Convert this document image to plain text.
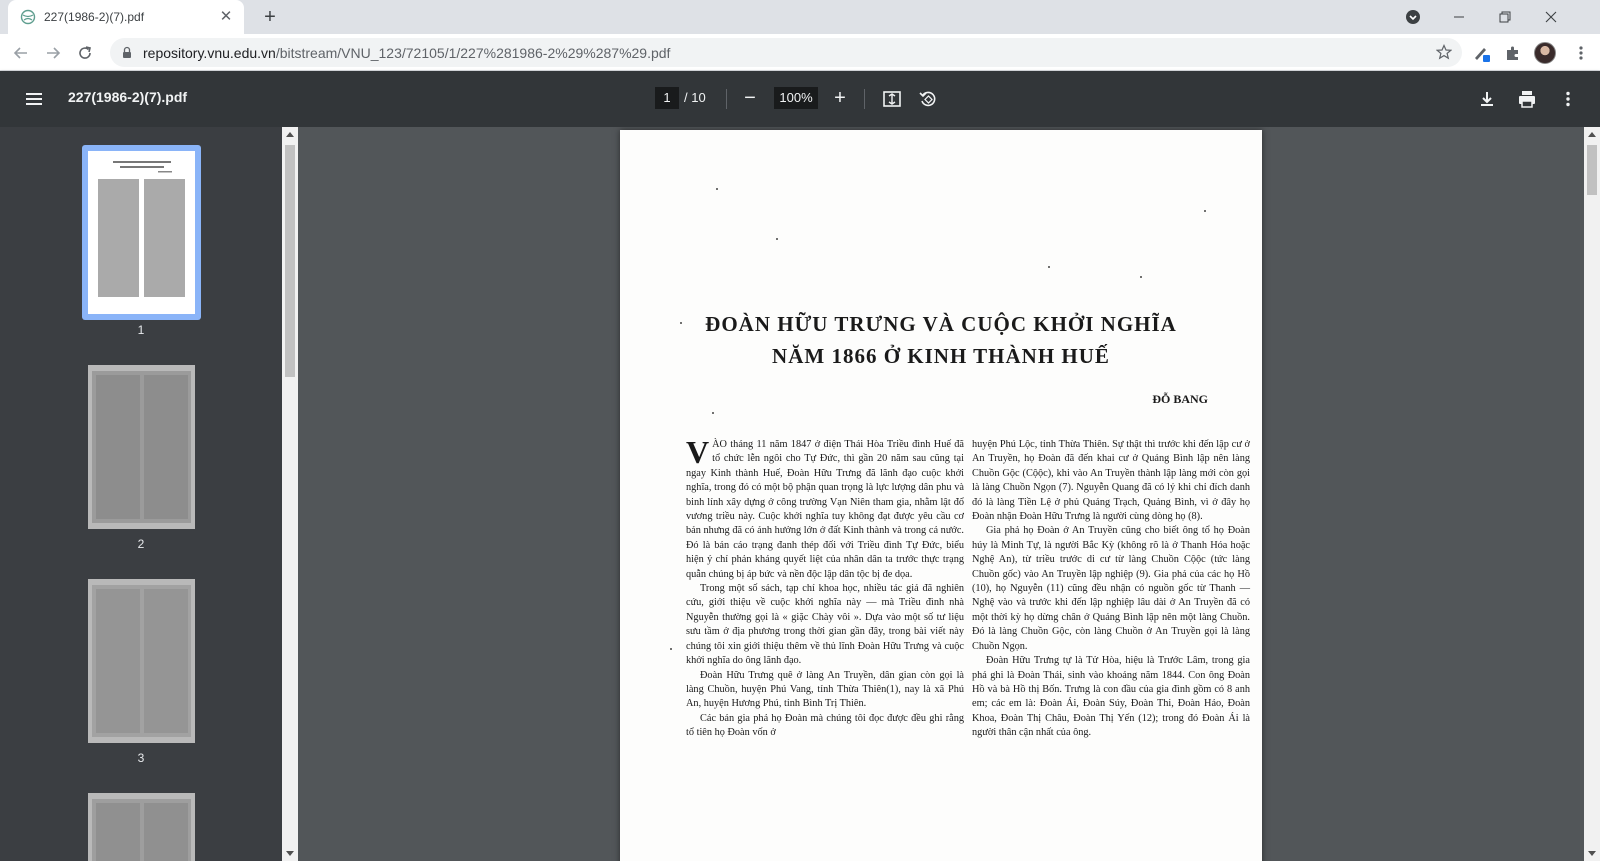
227(1986-2)(7).pdf	✕	+
repository.vnu.edu.vn/bitstream/VNU_123/72105/1/227%281986-2%29%287%29.pdf
227(1986-2)(7).pdf
1	/ 10	−
100%	+
1
2
3
ĐOÀN HỮU TRƯNG VÀ CUỘC KHỞI NGHĨA
NĂM 1866 Ở KINH THÀNH HUẾ
ĐỖ BANG

VÀO tháng 11 năm 1847 ở điện Thái Hòa Triều đình Huế đã tổ chức lễn ngôi cho Tự Đức, thì gần 20 năm sau cũng tại ngay Kinh thành Huế, Đoàn Hữu Trưng đã lãnh đạo cuộc khởi nghĩa, trong đó có một bộ phận quan trọng là lực lượng dân phu và binh lính xây dựng ở công trường Vạn Niên tham gia, nhằm lật đổ vương triều này. Cuộc khởi nghĩa tuy không đạt được yêu cầu cơ bản nhưng đã có ảnh hưởng lớn ở đất Kinh thành và trong cả nước. Đó là bản cáo trạng đanh thép đối với Triều đình Tự Đức, biểu hiện ý chí phản kháng quyết liệt của nhân dân ta trước thực trạng quẫn chúng bị áp bức và nền độc lập dân tộc bị đe dọa.

Trong một số sách, tạp chí khoa học, nhiều tác giả đã nghiên cứu, giới thiệu về cuộc khởi nghĩa này — mà Triều đình nhà Nguyễn thường gọi là « giặc Chày vôi ». Dựa vào một số tư liệu sưu tầm ở địa phương trong thời gian gần đây, trong bài viết này chúng tôi xin giới thiệu thêm về thủ lĩnh Đoàn Hữu Trưng và cuộc khởi nghĩa do ông lãnh đạo.

Đoàn Hữu Trưng quê ở làng An Truyền, dân gian còn gọi là làng Chuồn, huyện Phú Vang, tỉnh Thừa Thiên(1), nay là xã Phú An, huyện Hương Phú, tỉnh Bình Trị Thiên.

Các bản gia phả họ Đoàn mà chúng tôi đọc được đều ghi rằng tổ tiên họ Đoàn vốn ở

huyện Phú Lộc, tỉnh Thừa Thiên. Sự thật thì trước khi đến lập cư ở An Truyền, họ Đoàn đã đến khai cư ở Quảng Bình lập nên làng Chuồn Gộc (Cộộc), khi vào An Truyền thành lập làng mới còn gọi là làng Chuồn Ngọn (7). Nguyễn Quang đã có lý khi chỉ đích danh đó là làng Tiền Lệ ở phủ Quảng Trạch, Quảng Bình, vì ở đây họ Đoàn nhận Đoàn Hữu Trưng là người cùng dòng họ (8).

Gia phả họ Đoàn ở An Truyền cũng cho biết ông tổ họ Đoàn húy là Minh Tự, là người Bắc Kỳ (không rõ là ở Thanh Hóa hoặc Nghệ An), từ triều trước di cư từ làng Chuồn Cộộc (tức làng Chuồn gốc) vào An Truyền lập nghiệp (9). Gia phả của các họ Hồ (10), họ Nguyễn (11) cũng đều nhận có nguồn gốc từ Thanh — Nghệ vào và trước khi đến lập nghiệp lâu dài ở An Truyền đã có một thời kỳ họ dừng chân ở Quảng Bình lập nên một làng Chuồn. Đó là làng Chuồn Gộc, còn làng Chuồn ở An Truyền gọi là làng Chuồn Ngọn.

Đoàn Hữu Trưng tự là Tử Hòa, hiệu là Trước Lâm, trong gia phả ghi là Đoàn Thái, sinh vào khoảng năm 1844. Con ông Đoàn Hồ và bà Hồ thị Bốn. Trưng là con đầu của gia đình gồm có 8 anh em; các em là: Đoàn Ái, Đoàn Súy, Đoàn Thi, Đoàn Hảo, Đoàn Khoa, Đoàn Thị Châu, Đoàn Thị Yến (12); trong đó Đoàn Ái là người thân cận nhất của ông.
